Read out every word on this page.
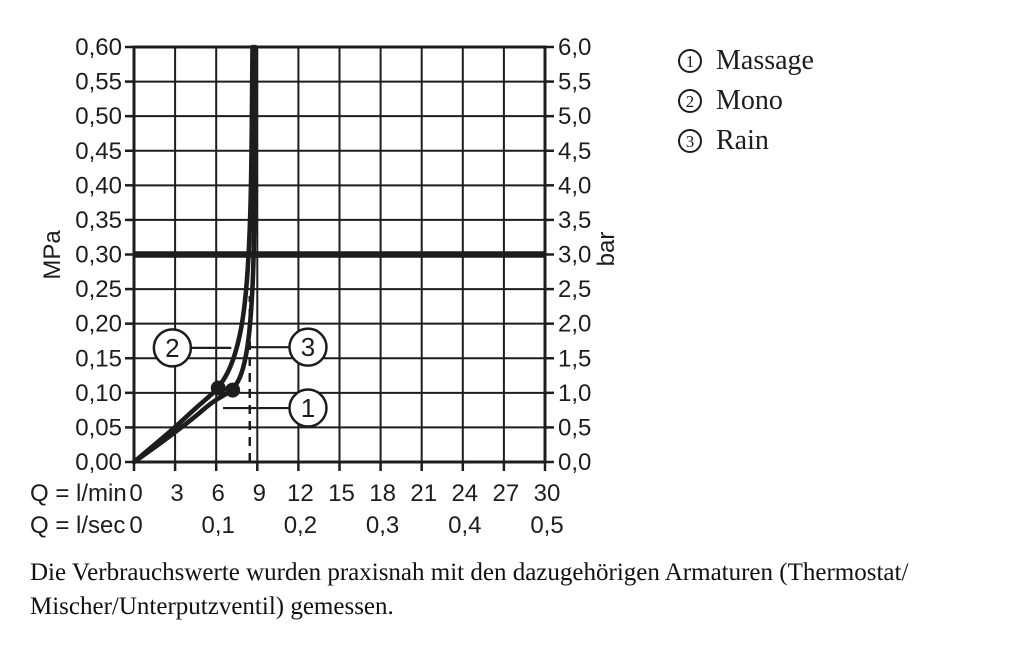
2	3
1
MPa	bar
Q = l/min
Q = l/sec
0,00
0,05
0,10
0,15
0,20
0,25
0,30
0,35
0,40
0,45
0,50
0,55
0,60
0,0
0,5
1,0
1,5
2,0
2,5
3,0
3,5
4,0
4,5
5,0
5,5
6,0
0 3 6 9 12 15 18 21 24 27 30
0 0,1 0,2 0,3 0,4 0,5
1 Massage
2 Mono
3 Rain
Die Verbrauchswerte wurden praxisnah mit den dazugehörigen Armaturen (Thermostat/
Mischer/Unterputzventil) gemessen.
